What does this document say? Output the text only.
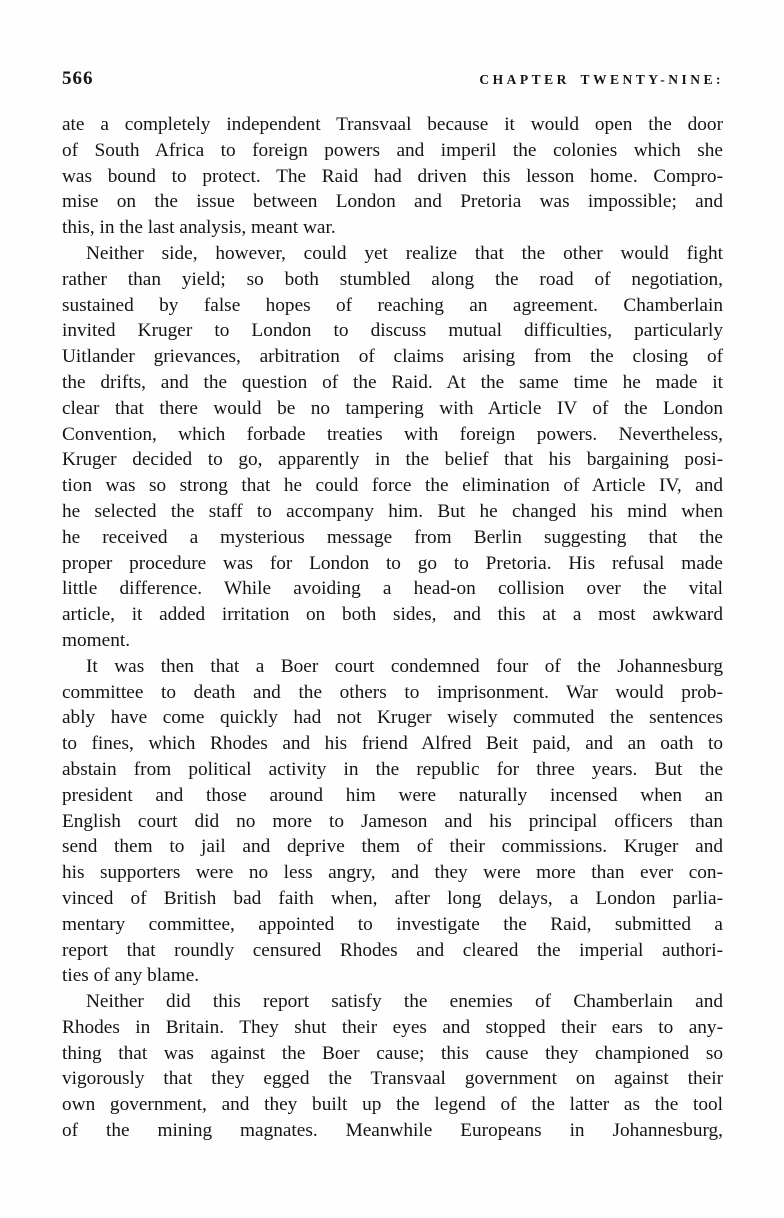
566	CHAPTER TWENTY-NINE:
ate a completely independent Transvaal because it would open the door
of South Africa to foreign powers and imperil the colonies which she
was bound to protect. The Raid had driven this lesson home. Compro-
mise on the issue between London and Pretoria was impossible; and
this, in the last analysis, meant war.
Neither side, however, could yet realize that the other would fight
rather than yield; so both stumbled along the road of negotiation,
sustained by false hopes of reaching an agreement. Chamberlain
invited Kruger to London to discuss mutual difficulties, particularly
Uitlander grievances, arbitration of claims arising from the closing of
the drifts, and the question of the Raid. At the same time he made it
clear that there would be no tampering with Article IV of the London
Convention, which forbade treaties with foreign powers. Nevertheless,
Kruger decided to go, apparently in the belief that his bargaining posi-
tion was so strong that he could force the elimination of Article IV, and
he selected the staff to accompany him. But he changed his mind when
he received a mysterious message from Berlin suggesting that the
proper procedure was for London to go to Pretoria. His refusal made
little difference. While avoiding a head-on collision over the vital
article, it added irritation on both sides, and this at a most awkward
moment.
It was then that a Boer court condemned four of the Johannesburg
committee to death and the others to imprisonment. War would prob-
ably have come quickly had not Kruger wisely commuted the sentences
to fines, which Rhodes and his friend Alfred Beit paid, and an oath to
abstain from political activity in the republic for three years. But the
president and those around him were naturally incensed when an
English court did no more to Jameson and his principal officers than
send them to jail and deprive them of their commissions. Kruger and
his supporters were no less angry, and they were more than ever con-
vinced of British bad faith when, after long delays, a London parlia-
mentary committee, appointed to investigate the Raid, submitted a
report that roundly censured Rhodes and cleared the imperial authori-
ties of any blame.
Neither did this report satisfy the enemies of Chamberlain and
Rhodes in Britain. They shut their eyes and stopped their ears to any-
thing that was against the Boer cause; this cause they championed so
vigorously that they egged the Transvaal government on against their
own government, and they built up the legend of the latter as the tool
of the mining magnates. Meanwhile Europeans in Johannesburg,
